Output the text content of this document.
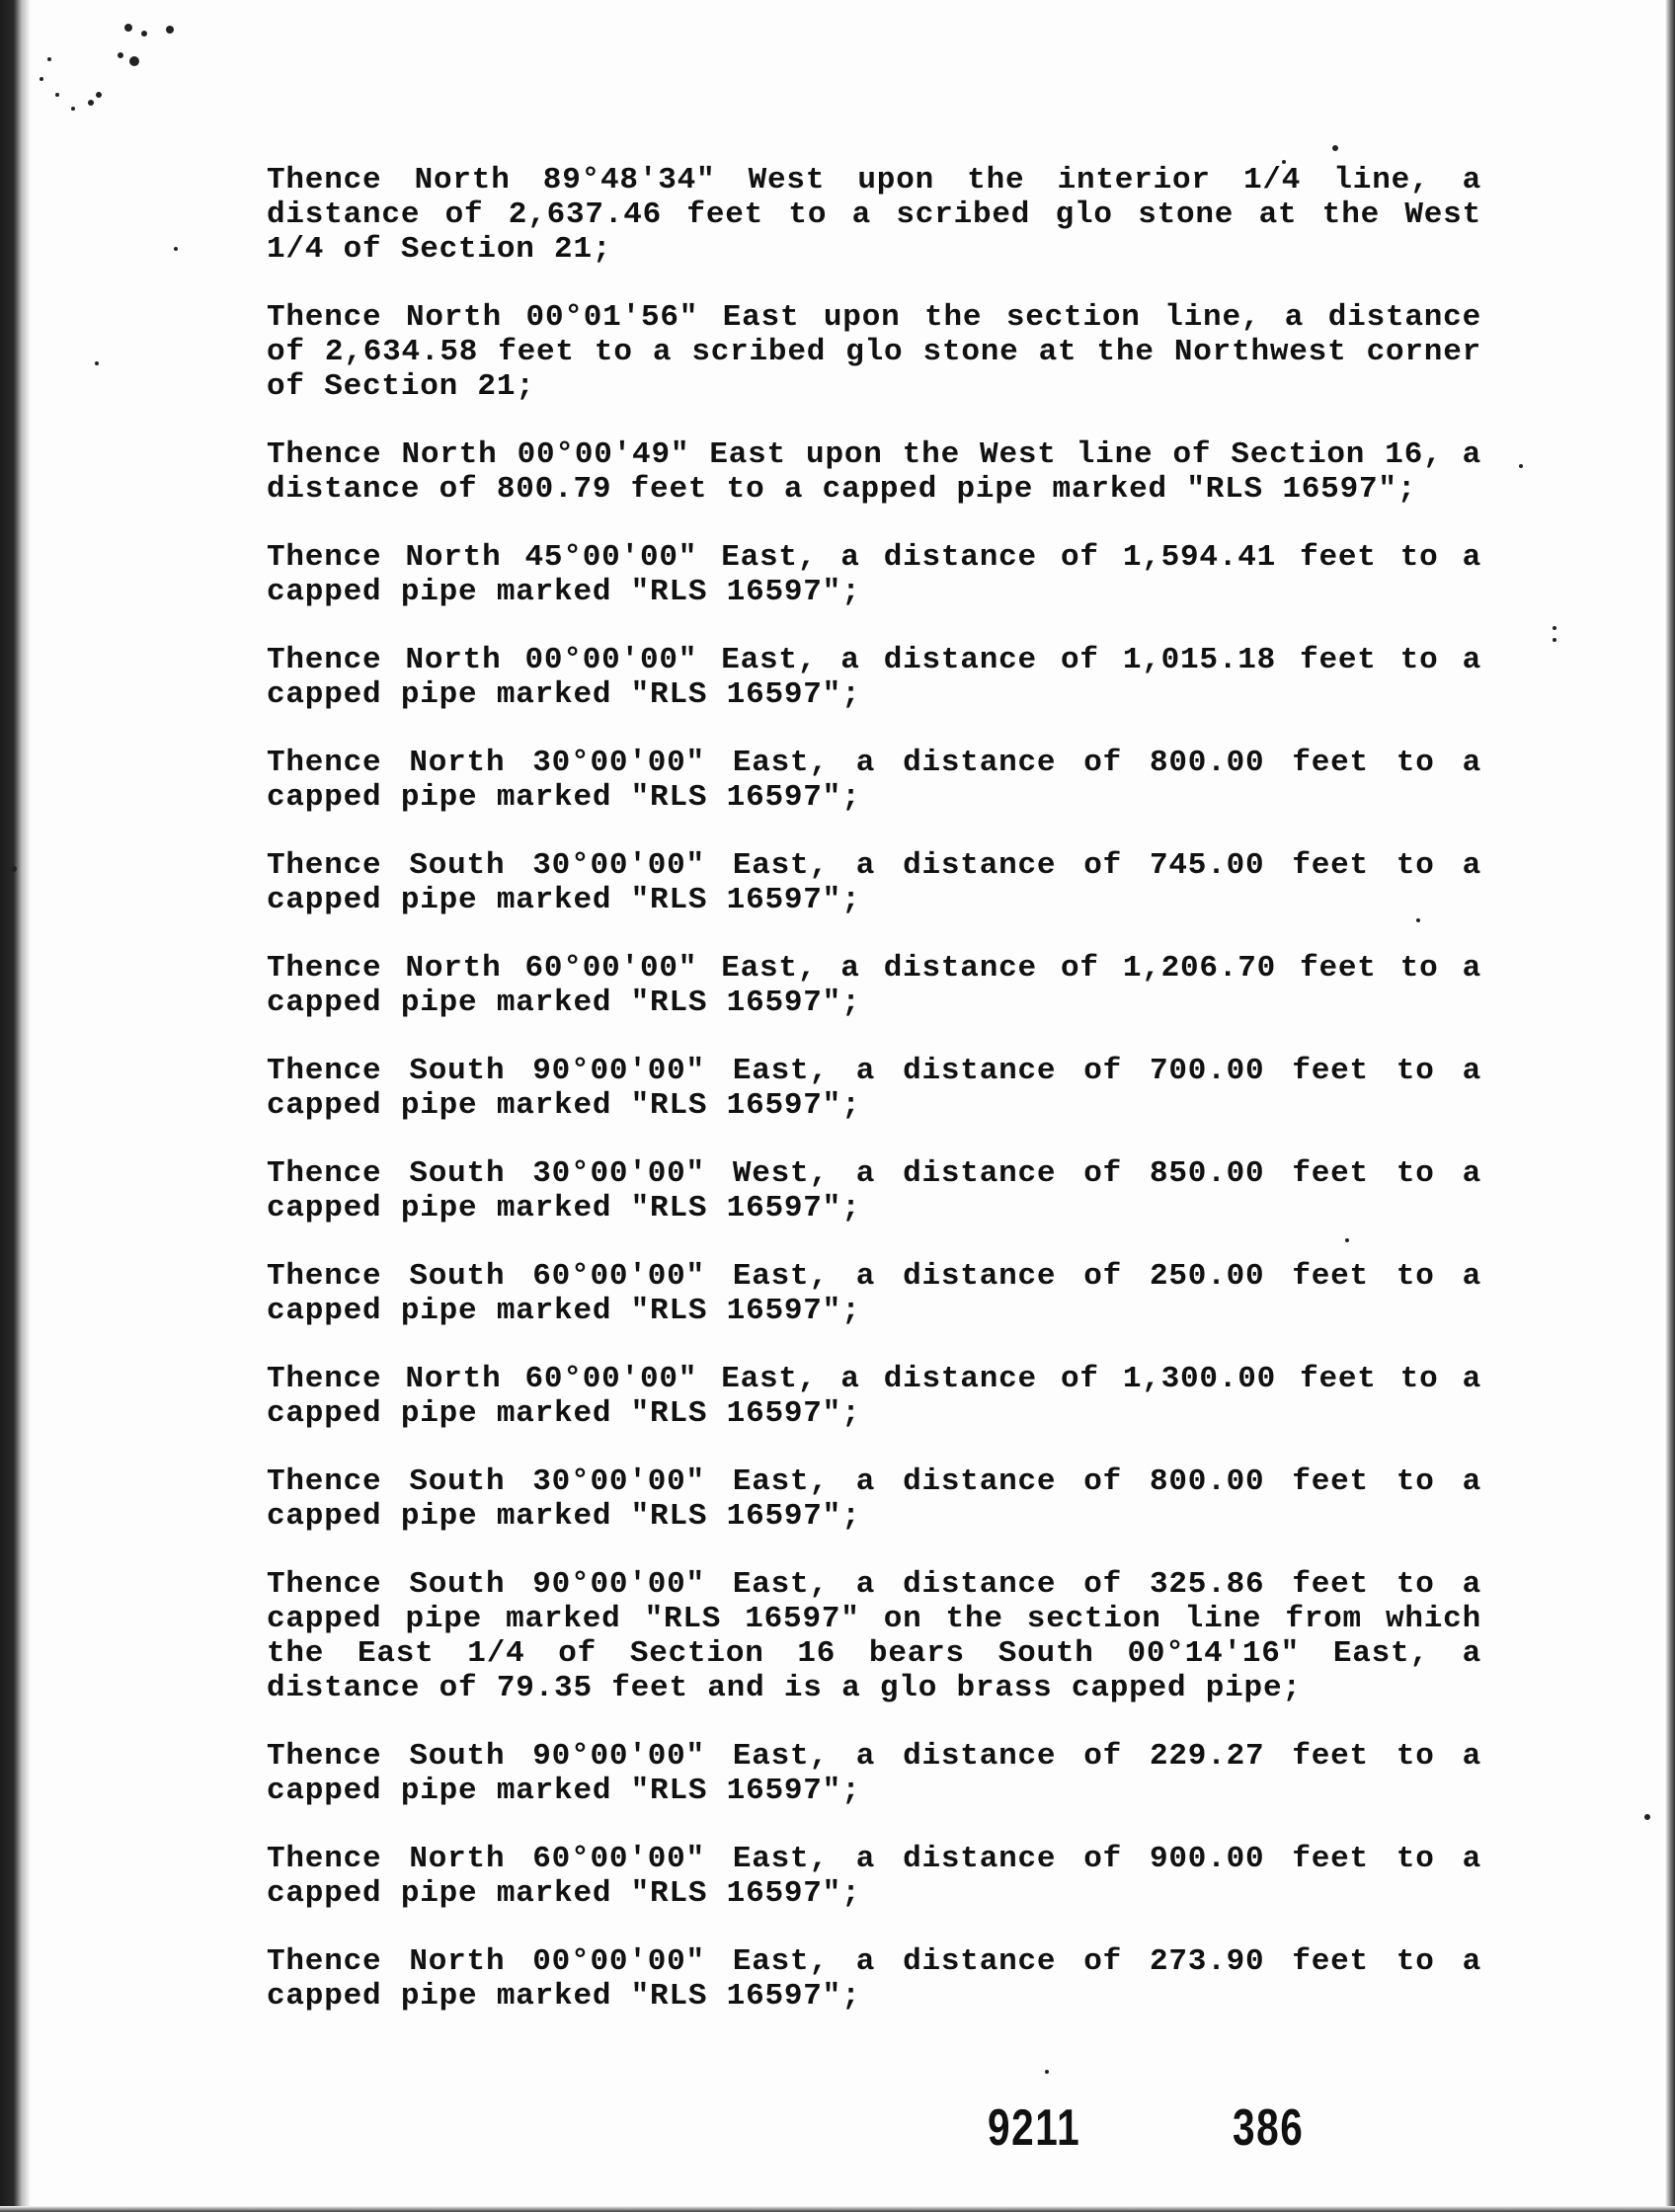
Thence North 89°48'34" West upon the interior 1/4 line, a distance of 2,637.46 feet to a scribed glo stone at the West 1/4 of Section 21;

Thence North 00°01'56" East upon the section line, a distance of 2,634.58 feet to a scribed glo stone at the Northwest corner of Section 21;

Thence North 00°00'49" East upon the West line of Section 16, a distance of 800.79 feet to a capped pipe marked "RLS 16597";

Thence North 45°00'00" East, a distance of 1,594.41 feet to a capped pipe marked "RLS 16597";

Thence North 00°00'00" East, a distance of 1,015.18 feet to a capped pipe marked "RLS 16597";

Thence North 30°00'00" East, a distance of 800.00 feet to a capped pipe marked "RLS 16597";

Thence South 30°00'00" East, a distance of 745.00 feet to a capped pipe marked "RLS 16597";

Thence North 60°00'00" East, a distance of 1,206.70 feet to a capped pipe marked "RLS 16597";

Thence South 90°00'00" East, a distance of 700.00 feet to a capped pipe marked "RLS 16597";

Thence South 30°00'00" West, a distance of 850.00 feet to a capped pipe marked "RLS 16597";

Thence South 60°00'00" East, a distance of 250.00 feet to a capped pipe marked "RLS 16597";

Thence North 60°00'00" East, a distance of 1,300.00 feet to a capped pipe marked "RLS 16597";

Thence South 30°00'00" East, a distance of 800.00 feet to a capped pipe marked "RLS 16597";

Thence South 90°00'00" East, a distance of 325.86 feet to a capped pipe marked "RLS 16597" on the section line from which the East 1/4 of Section 16 bears South 00°14'16" East, a distance of 79.35 feet and is a glo brass capped pipe;

Thence South 90°00'00" East, a distance of 229.27 feet to a capped pipe marked "RLS 16597";

Thence North 60°00'00" East, a distance of 900.00 feet to a capped pipe marked "RLS 16597";

Thence North 00°00'00" East, a distance of 273.90 feet to a capped pipe marked "RLS 16597";

9211	386
